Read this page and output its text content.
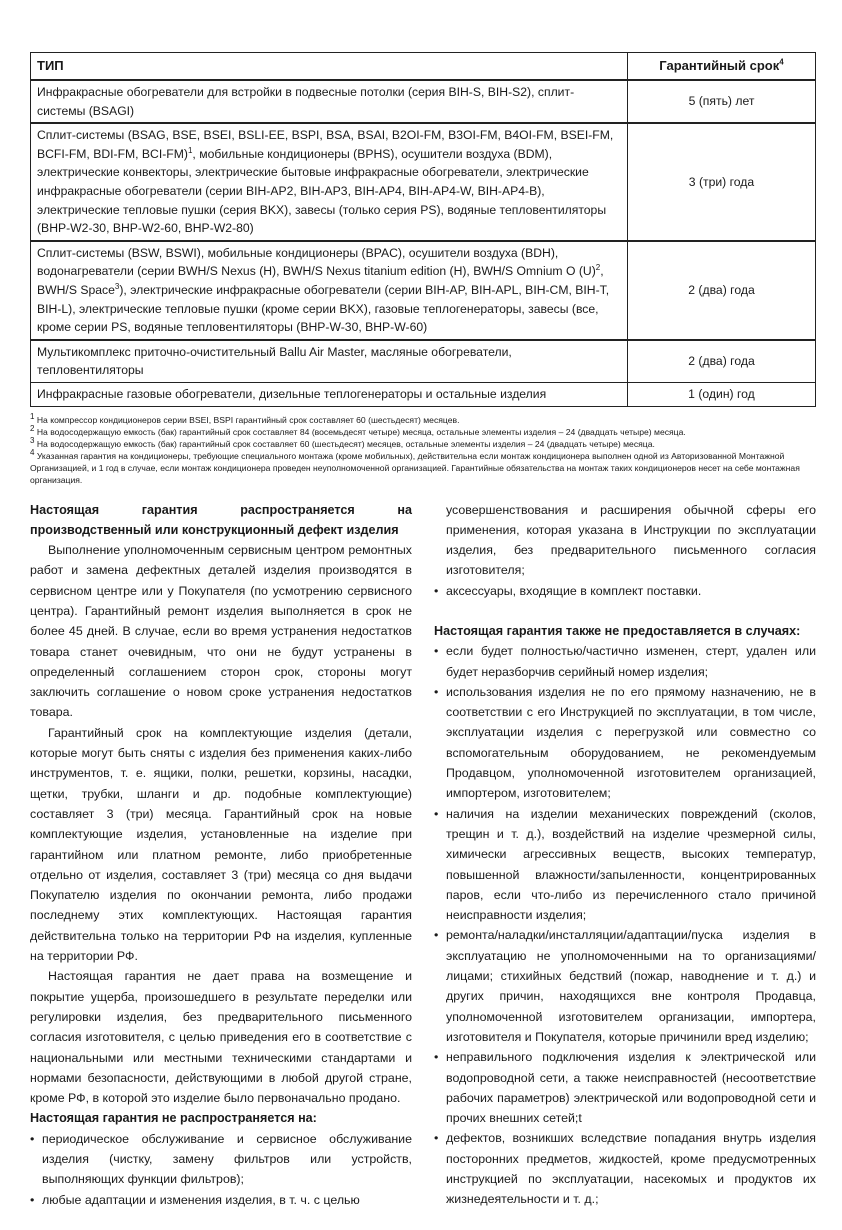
ТИП	Гарантийный срок$^4$
Инфракрасные обогреватели для встройки в подвесные потолки (серия BIH-S, BIH-S2), сплит-системы (BSAGI)	5 (пять) лет
Сплит-системы (BSAG, BSE, BSEI, BSLI-EE, BSPI, BSA, BSAI, B2OI-FM, B3OI-FM, B4OI-FM, BSEI-FM, BCFI-FM, BDI-FM, BCI-FM)$^1$, мобильные кондиционеры (BPHS), осушители воздуха (BDM), электрические конвекторы, электрические бытовые инфракрасные обогреватели, электрические инфракрасные обогреватели (серии BIH-AP2, BIH-AP3, BIH-AP4, BIH-AP4-W, BIH-AP4-B), электрические тепловые пушки (серия BKX), завесы (только серия PS), водяные тепловентиляторы (BHP-W2-30, BHP-W2-60, BHP-W2-80)	3 (три) года
Сплит-системы (BSW, BSWI), мобильные кондиционеры (BPAC), осушители воздуха (BDH), водонагреватели (серии BWH/S Nexus (H), BWH/S Nexus titanium edition (H), BWH/S Omnium O $(U)^2$, BWH/S Space$^3$), электрические инфракрасные обогреватели (серии BIH-AP, BIH-APL, BIH-CM, BIH-T, BIH-L), электрические тепловые пушки (кроме серии BKX), газовые теплогенераторы, завесы (все, кроме серии PS, водяные тепловентиляторы (BHP-W-30, BHP-W-60)	2 (два) года
Мультикомплекс приточно-очистительный Ballu Air Master, масляные обогреватели, тепловентиляторы	2 (два) года
Инфракрасные газовые обогреватели, дизельные теплогенераторы и остальные изделия	1 (один) год
$^1$ На компрессор кондиционеров серии BSEI, BSPI гарантийный срок составляет 60 (шестьдесят) месяцев.
$^2$ На водосодержащую емкость (бак) гарантийный срок составляет 84 (восемьдесят четыре) месяца, остальные элементы изделия – 24 (двадцать четыре) месяца.
$^3$ На водосодержащую емкость (бак) гарантийный срок составляет 60 (шестьдесят) месяцев, остальные элементы изделия – 24 (двадцать четыре) месяца.
$^4$ Указанная гарантия на кондиционеры, требующие специального монтажа (кроме мобильных), действительна если монтаж кондиционера выполнен одной из Авторизованной Монтажной Организацией, и 1 год в случае, если монтаж кондиционера проведен неуполномоченной организацией. Гарантийные обязательства на монтаж таких кондиционеров несет на себе монтажная организация.
Настоящая гарантия распространяется на производственный или конструкционный дефект изделия

Выполнение уполномоченным сервисным центром ремонтных работ и замена дефектных деталей изделия производятся в сервисном центре или у Покупателя (по усмотрению сервисного центра). Гарантийный ремонт изделия выполняется в срок не более 45 дней. В случае, если во время устранения недостатков товара станет очевидным, что они не будут устранены в определенный соглашением сторон срок, стороны могут заключить соглашение о новом сроке устранения недостатков товара.

Гарантийный срок на комплектующие изделия (детали, которые могут быть сняты с изделия без применения каких-либо инструментов, т. е. ящики, полки, решетки, корзины, насадки, щетки, трубки, шланги и др. подобные комплектующие) составляет 3 (три) месяца. Гарантийный срок на новые комплектующие изделия, установленные на изделие при гарантийном или платном ремонте, либо приобретенные отдельно от изделия, составляет 3 (три) месяца со дня выдачи Покупателю изделия по окончании ремонта, либо продажи последнему этих комплектующих. Настоящая гарантия действительна только на территории РФ на изделия, купленные на территории РФ.

Настоящая гарантия не дает права на возмещение и покрытие ущерба, произошедшего в результате переделки или регулировки изделия, без предварительного письменного согласия изготовителя, с целью приведения его в соответствие с национальными или местными техническими стандартами и нормами безопасности, действующими в любой другой стране, кроме РФ, в которой это изделие было первоначально продано.

Настоящая гарантия не распространяется на:
• периодическое обслуживание и сервисное обслуживание изделия (чистку, замену фильтров или устройств, выполняющих функции фильтров);
• любые адаптации и изменения изделия, в т. ч. с целью
усовершенствования и расширения обычной сферы его применения, которая указана в Инструкции по эксплуатации изделия, без предварительного письменного согласия изготовителя;
• аксессуары, входящие в комплект поставки.
Настоящая гарантия также не предоставляется в случаях:
• если будет полностью/частично изменен, стерт, удален или будет неразборчив серийный номер изделия;
• использования изделия не по его прямому назначению, не в соответствии с его Инструкцией по эксплуатации, в том числе, эксплуатации изделия с перегрузкой или совместно со вспомогательным оборудованием, не рекомендуемым Продавцом, уполномоченной изготовителем организацией, импортером, изготовителем;
• наличия на изделии механических повреждений (сколов, трещин и т. д.), воздействий на изделие чрезмерной силы, химически агрессивных веществ, высоких температур, повышенной влажности/запыленности, концентрированных паров, если что-либо из перечисленного стало причиной неисправности изделия;
• ремонта/наладки/инсталляции/адаптации/пуска изделия в эксплуатацию не уполномоченными на то организациями/лицами; стихийных бедствий (пожар, наводнение и т. д.) и других причин, находящихся вне контроля Продавца, уполномоченной изготовителем организации, импортера, изготовителя и Покупателя, которые причинили вред изделию;
• неправильного подключения изделия к электрической или водопроводной сети, а также неисправностей (несоответствие рабочих параметров) электрической или водопроводной сети и прочих внешних сетей;t
• дефектов, возникших вследствие попадания внутрь изделия посторонних предметов, жидкостей, кроме предусмотренных инструкцией по эксплуатации, насекомых и продуктов их жизнедеятельности и т. д.;
